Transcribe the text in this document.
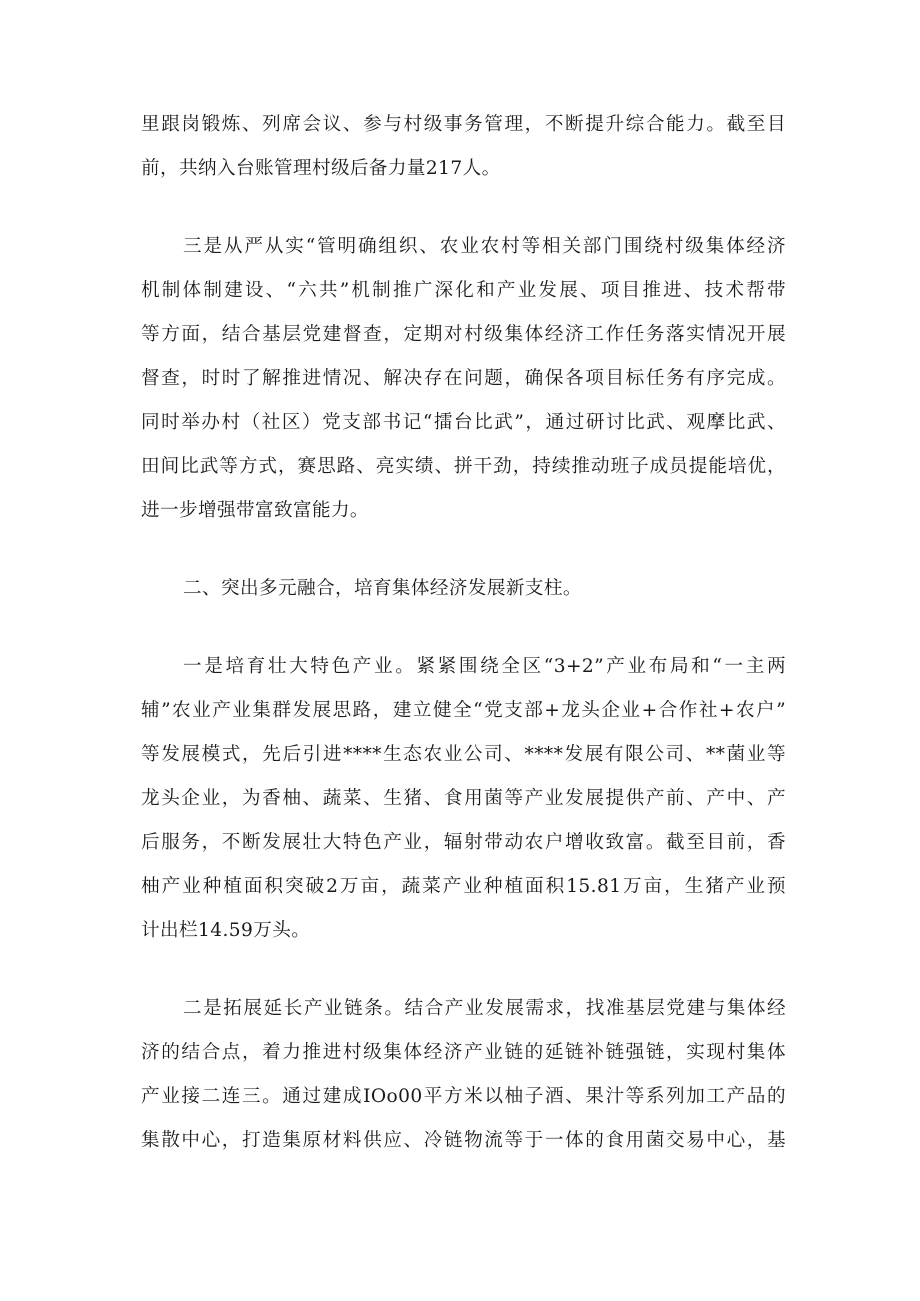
里跟岗锻炼、列席会议、参与村级事务管理，不断提升综合能力。截至目
前，共纳入台账管理村级后备力量217人。
三是从严从实“管明确组织、农业农村等相关部门围绕村级集体经济
机制体制建设、“六共”机制推广深化和产业发展、项目推进、技术帮带
等方面，结合基层党建督查，定期对村级集体经济工作任务落实情况开展
督查，时时了解推进情况、解决存在问题，确保各项目标任务有序完成。
同时举办村（社区）党支部书记“擂台比武”，通过研讨比武、观摩比武、
田间比武等方式，赛思路、亮实绩、拼干劲，持续推动班子成员提能培优，
进一步增强带富致富能力。
二、突出多元融合，培育集体经济发展新支柱。
一是培育壮大特色产业。紧紧围绕全区“3+2”产业布局和“一主两
辅”农业产业集群发展思路，建立健全“党支部+龙头企业+合作社+农户”
等发展模式，先后引进****生态农业公司、****发展有限公司、**菌业等
龙头企业，为香柚、蔬菜、生猪、食用菌等产业发展提供产前、产中、产
后服务，不断发展壮大特色产业，辐射带动农户增收致富。截至目前，香
柚产业种植面积突破2万亩，蔬菜产业种植面积15.81万亩，生猪产业预
计出栏14.59万头。
二是拓展延长产业链条。结合产业发展需求，找准基层党建与集体经
济的结合点，着力推进村级集体经济产业链的延链补链强链，实现村集体
产业接二连三。通过建成IOo00平方米以柚子酒、果汁等系列加工产品的
集散中心，打造集原材料供应、冷链物流等于一体的食用菌交易中心，基
